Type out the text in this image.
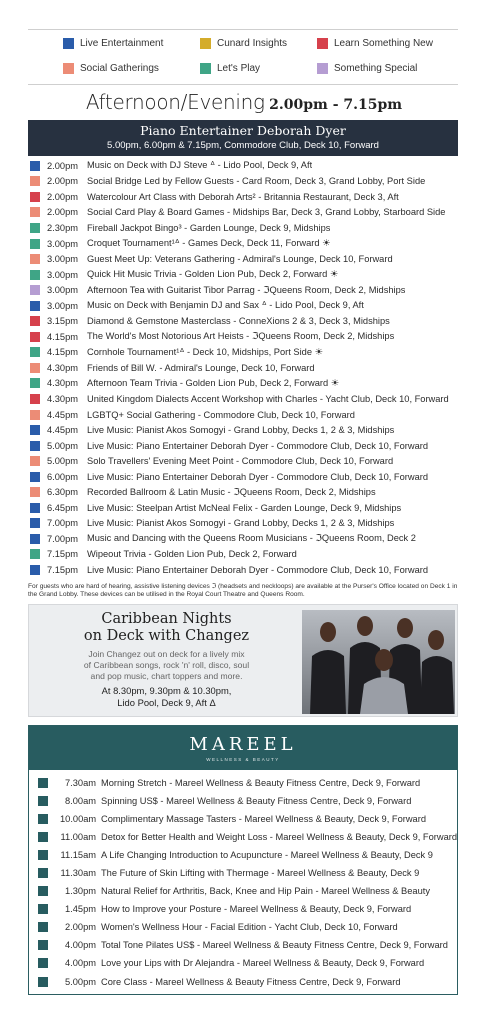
Live Entertainment	Cunard Insights	Learn Something New
Social Gatherings	Let's Play	Something Special
Afternoon/Evening 2.00pm - 7.15pm
Piano Entertainer Deborah Dyer
5.00pm, 6.00pm & 7.15pm, Commodore Club, Deck 10, Forward
2.00pm Music on Deck with DJ Steve ᐞ - Lido Pool, Deck 9, Aft
2.00pm Social Bridge Led by Fellow Guests - Card Room, Deck 3, Grand Lobby, Port Side
2.00pm Watercolour Art Class with Deborah Arts² - Britannia Restaurant, Deck 3, Aft
2.00pm Social Card Play & Board Games - Midships Bar, Deck 3, Grand Lobby, Starboard Side
2.30pm Fireball Jackpot Bingo³ - Garden Lounge, Deck 9, Midships
3.00pm Croquet Tournament¹ᐞ - Games Deck, Deck 11, Forward ☀
3.00pm Guest Meet Up: Veterans Gathering - Admiral's Lounge, Deck 10, Forward
3.00pm Quick Hit Music Trivia - Golden Lion Pub, Deck 2, Forward ☀
3.00pm Afternoon Tea with Guitarist Tibor Parrag - ℑQueens Room, Deck 2, Midships
3.00pm Music on Deck with Benjamin DJ and Sax ᐞ - Lido Pool, Deck 9, Aft
3.15pm Diamond & Gemstone Masterclass - ConneXions 2 & 3, Deck 3, Midships
4.15pm The World's Most Notorious Art Heists - ℑQueens Room, Deck 2, Midships
4.15pm Cornhole Tournament¹ᐞ - Deck 10, Midships, Port Side ☀
4.30pm Friends of Bill W. - Admiral's Lounge, Deck 10, Forward
4.30pm Afternoon Team Trivia - Golden Lion Pub, Deck 2, Forward ☀
4.30pm United Kingdom Dialects Accent Workshop with Charles - Yacht Club, Deck 10, Forward
4.45pm LGBTQ+ Social Gathering - Commodore Club, Deck 10, Forward
4.45pm Live Music: Pianist Akos Somogyi - Grand Lobby, Decks 1, 2 & 3, Midships
5.00pm Live Music: Piano Entertainer Deborah Dyer - Commodore Club, Deck 10, Forward
5.00pm Solo Travellers' Evening Meet Point - Commodore Club, Deck 10, Forward
6.00pm Live Music: Piano Entertainer Deborah Dyer - Commodore Club, Deck 10, Forward
6.30pm Recorded Ballroom & Latin Music - ℑQueens Room, Deck 2, Midships
6.45pm Live Music: Steelpan Artist McNeal Felix - Garden Lounge, Deck 9, Midships
7.00pm Live Music: Pianist Akos Somogyi - Grand Lobby, Decks 1, 2 & 3, Midships
7.00pm Music and Dancing with the Queens Room Musicians - ℑQueens Room, Deck 2
7.15pm Wipeout Trivia - Golden Lion Pub, Deck 2, Forward
7.15pm Live Music: Piano Entertainer Deborah Dyer - Commodore Club, Deck 10, Forward
For guests who are hard of hearing, assistive listening devices ℑ (headsets and neckloops) are available at the Purser's Office located on Deck 1 in the Grand Lobby. These devices can be utilised in the Royal Court Theatre and Queens Room.
Caribbean Nights
on Deck with Changez
Join Changez out on deck for a lively mix
of Caribbean songs, rock 'n' roll, disco, soul
and pop music, chart toppers and more.
At 8.30pm, 9.30pm & 10.30pm,
Lido Pool, Deck 9, Aft Δ
MAREEL
WELLNESS & BEAUTY
7.30am Morning Stretch - Mareel Wellness & Beauty Fitness Centre, Deck 9, Forward
8.00am Spinning US$ - Mareel Wellness & Beauty Fitness Centre, Deck 9, Forward
10.00am Complimentary Massage Tasters - Mareel Wellness & Beauty, Deck 9, Forward
11.00am Detox for Better Health and Weight Loss - Mareel Wellness & Beauty, Deck 9, Forward
11.15am A Life Changing Introduction to Acupuncture - Mareel Wellness & Beauty, Deck 9
11.30am The Future of Skin Lifting with Thermage - Mareel Wellness & Beauty, Deck 9
1.30pm Natural Relief for Arthritis, Back, Knee and Hip Pain - Mareel Wellness & Beauty
1.45pm How to Improve your Posture - Mareel Wellness & Beauty, Deck 9, Forward
2.00pm Women's Wellness Hour - Facial Edition - Yacht Club, Deck 10, Forward
4.00pm Total Tone Pilates US$ - Mareel Wellness & Beauty Fitness Centre, Deck 9, Forward
4.00pm Love your Lips with Dr Alejandra - Mareel Wellness & Beauty, Deck 9, Forward
5.00pm Core Class - Mareel Wellness & Beauty Fitness Centre, Deck 9, Forward
